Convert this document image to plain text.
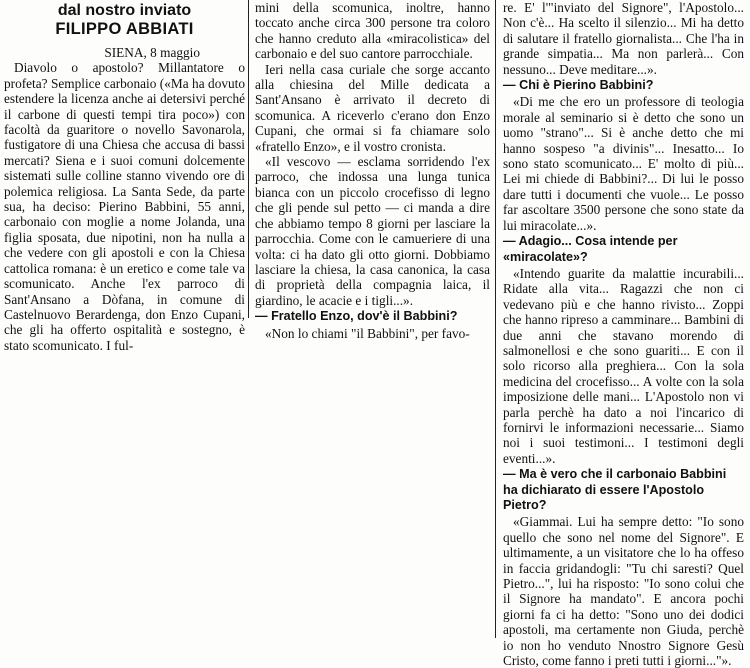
dal nostro inviato
FILIPPO ABBIATI
SIENA, 8 maggio

Diavolo o apostolo? Millantatore o profeta? Semplice carbonaio («Ma ha dovuto estendere la licenza anche ai detersivi perché il carbone di questi tempi tira poco») con facoltà da guaritore o novello Savonarola, fustigatore di una Chiesa che accusa di bassi mercati? Siena e i suoi comuni dolcemente sistemati sulle colline stanno vivendo ore di polemica religiosa. La Santa Sede, da parte sua, ha deciso: Pierino Babbini, 55 anni, carbonaio con moglie a nome Jolanda, una figlia sposata, due nipotini, non ha nulla a che vedere con gli apostoli e con la Chiesa cattolica romana: è un eretico e come tale va scomunicato. Anche l'ex parroco di Sant'Ansano a Dòfana, in comune di Castelnuovo Berardenga, don Enzo Cupani, che gli ha offerto ospitalità e sostegno, è stato scomunicato. I ful-

mini della scomunica, inoltre, hanno toccato anche circa 300 persone tra coloro che hanno creduto alla «miracolistica» del carbonaio e del suo cantore parrocchiale.

Ieri nella casa curiale che sorge accanto alla chiesina del Mille dedicata a Sant'Ansano è arrivato il decreto di scomunica. A riceverlo c'erano don Enzo Cupani, che ormai si fa chiamare solo «fratello Enzo», e il vostro cronista.

«Il vescovo — esclama sorridendo l'ex parroco, che indossa una lunga tunica bianca con un piccolo crocefisso di legno che gli pende sul petto — ci manda a dire che abbiamo tempo 8 giorni per lasciare la parrocchia. Come con le camueriere di una volta: ci ha dato gli otto giorni. Dobbiamo lasciare la chiesa, la casa canonica, la casa di proprietà della compagnia laica, il giardino, le acacie e i tigli...».

— Fratello Enzo, dov'è il Babbini?

«Non lo chiami "il Babbini", per favo-

re. E' l'"inviato del Signore", l'Apostolo... Non c'è... Ha scelto il silenzio... Mi ha detto di salutare il fratello giornalista... Che l'ha in grande simpatia... Ma non parlerà... Con nessuno... Deve meditare...».

— Chi è Pierino Babbini?

«Di me che ero un professore di teologia morale al seminario si è detto che sono un uomo "strano"... Si è anche detto che mi hanno sospeso "a divinis"... Inesatto... Io sono stato scomunicato... E' molto di più... Lei mi chiede di Babbini?... Di lui le posso dare tutti i documenti che vuole... Le posso far ascoltare 3500 persone che sono state da lui miracolate...».

— Adagio... Cosa intende per «miracolate»?

«Intendo guarite da malattie incurabili... Ridate alla vita... Ragazzi che non ci vedevano più e che hanno rivisto... Zoppi che hanno ripreso a camminare... Bambini di due anni che stavano morendo di salmonellosi e che sono guariti... E con il solo ricorso alla preghiera... Con la sola medicina del crocefisso... A volte con la sola imposizione delle mani... L'Apostolo non vi parla perchè ha dato a noi l'incarico di fornirvi le informazioni necessarie... Siamo noi i suoi testimoni... I testimoni degli eventi...».

— Ma è vero che il carbonaio Babbini ha dichiarato di essere l'Apostolo Pietro?

«Giammai. Lui ha sempre detto: "Io sono quello che sono nel nome del Signore". E ultimamente, a un visitatore che lo ha offeso in faccia gridandogli: "Tu chi saresti? Quel Pietro...", lui ha risposto: "Io sono colui che il Signore ha mandato". E ancora pochi giorni fa ci ha detto: "Sono uno dei dodici apostoli, ma certamente non Giuda, perchè io non ho venduto Nnostro Signore Gesù Cristo, come fanno i preti tutti i giorni..."».
